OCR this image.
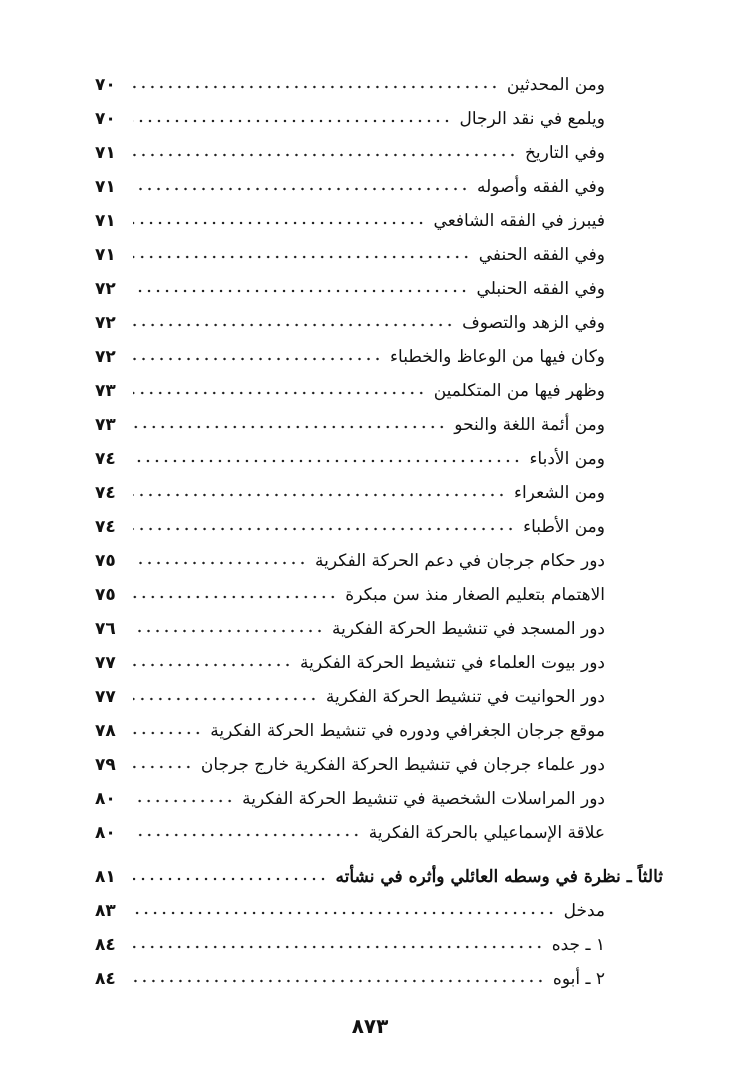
ومن المحدثين
٧٠
ويلمع في نقد الرجال
٧٠
وفي التاريخ
٧١
وفي الفقه وأصوله
٧١
فيبرز في الفقه الشافعي
٧١
وفي الفقه الحنفي
٧١
وفي الفقه الحنبلي
٧٢
وفي الزهد والتصوف
٧٢
وكان فيها من الوعاظ والخطباء
٧٢
وظهر فيها من المتكلمين
٧٣
ومن أئمة اللغة والنحو
٧٣
ومن الأدباء
٧٤
ومن الشعراء
٧٤
ومن الأطباء
٧٤
دور حكام جرجان في دعم الحركة الفكرية
٧٥
الاهتمام بتعليم الصغار منذ سن مبكرة
٧٥
دور المسجد في تنشيط الحركة الفكرية
٧٦
دور بيوت العلماء في تنشيط الحركة الفكرية
٧٧
دور الحوانيت في تنشيط الحركة الفكرية
٧٧
موقع جرجان الجغرافي ودوره في تنشيط الحركة الفكرية
٧٨
دور علماء جرجان في تنشيط الحركة الفكرية خارج جرجان
٧٩
دور المراسلات الشخصية في تنشيط الحركة الفكرية
٨٠
علاقة الإسماعيلي بالحركة الفكرية
٨٠
ثالثاً ـ نظرة في وسطه العائلي وأثره في نشأته
٨١
مدخل
٨٣
١ ـ جده
٨٤
٢ ـ أبوه
٨٤
٨٧٣
